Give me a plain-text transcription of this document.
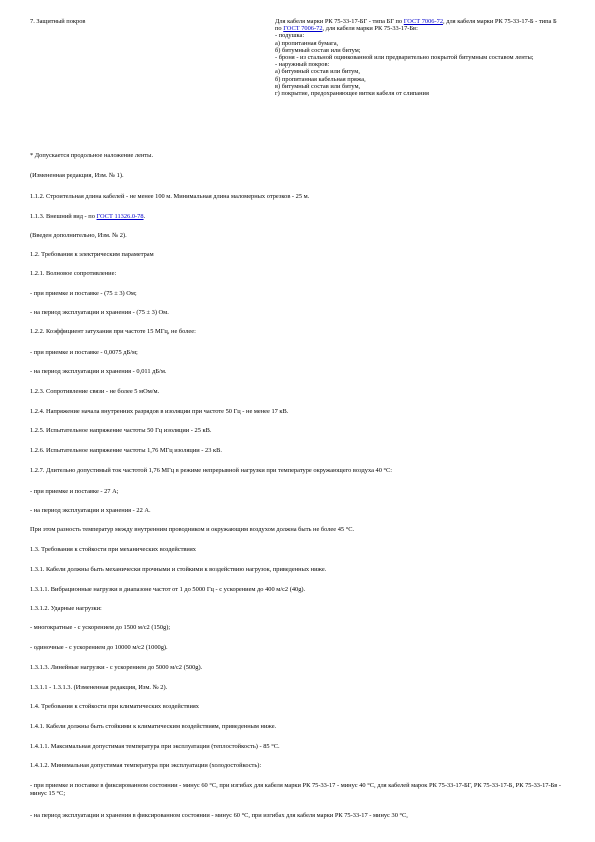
7. Защитный покров	Для кабеля марки РК 75-33-17-БГ - типа БГ по ГОСТ 7006-72, для кабеля марки РК 75-33-17-Б - типа Б по ГОСТ 7006-72, для кабеля марки РК 75-33-17-Бв:
- подушка:
а) пропитанная бумага,
б) битумный состав или битум;
- броня - из стальной оцинкованной или предварительно покрытой битумным составом ленты;
- наружный покров:
а) битумный состав или битум,
б) пропитанная кабельная пряжа,
в) битумный состав или битум,
г) покрытие, предохраняющее витки кабеля от слипания
* Допускается продольное наложение ленты.
(Измененная редакция, Изм. № 1).
1.1.2. Строительная длина кабелей - не менее 100 м. Минимальная длина маломерных отрезков - 25 м.
1.1.3. Внешний вид - по ГОСТ 11326.0-78.
(Введен дополнительно, Изм. № 2).
1.2. Требования к электрическим параметрам
1.2.1. Волновое сопротивление:
- при приемке и поставке - (75 ± 3) Ом;
- на период эксплуатации и хранения - (75 ± 3) Ом.
1.2.2. Коэффициент затухания при частоте 15 МГц, не более:
- при приемке и поставке - 0,0075 дБ/м;
- на период эксплуатации и хранения - 0,011 дБ/м.
1.2.3. Сопротивление связи - не более 5 мОм/м.
1.2.4. Напряжение начала внутренних разрядов в изоляции при частоте 50 Гц - не менее 17 кВ.
1.2.5. Испытательное напряжение частоты 50 Гц изоляции - 25 кВ.
1.2.6. Испытательное напряжение частоты 1,76 МГц изоляции - 23 кВ.
1.2.7. Длительно допустимый ток частотой 1,76 МГц в режиме непрерывной нагрузки при температуре окружающего воздуха 40 °С:
- при приемке и поставке - 27 А;
- на период эксплуатации и хранения - 22 А.
При этом разность температур между внутренним проводником и окружающим воздухом должна быть не более 45 °С.
1.3. Требования к стойкости при механических воздействиях
1.3.1. Кабели должны быть механически прочными и стойкими к воздействию нагрузок, приведенных ниже.
1.3.1.1. Вибрационные нагрузки в диапазоне частот от 1 до 5000 Гц - с ускорением до 400 м/с2 (40g).
1.3.1.2. Ударные нагрузки:
- многократные - с ускорением до 1500 м/с2 (150g);
- одиночные - с ускорением до 10000 м/с2 (1000g).
1.3.1.3. Линейные нагрузки - с ускорением до 5000 м/с2 (500g).
1.3.1.1 - 1.3.1.3. (Измененная редакция, Изм. № 2).
1.4. Требования к стойкости при климатических воздействиях
1.4.1. Кабели должны быть стойкими к климатическим воздействиям, приведенным ниже.
1.4.1.1. Максимальная допустимая температура при эксплуатации (теплостойкость) - 85 °С.
1.4.1.2. Минимальная допустимая температура при эксплуатации (холодостойкость):
- при приемке и поставке в фиксированном состоянии - минус 60 °С, при изгибах для кабеля марки РК 75-33-17 - минус 40 °С, для кабелей марок РК 75-33-17-БГ, РК 75-33-17-Б, РК 75-33-17-Бв - минус 15 °С;
- на период эксплуатации и хранения в фиксированном состоянии - минус 60 °С, при изгибах для кабеля марки РК 75-33-17 - минус 30 °С,
